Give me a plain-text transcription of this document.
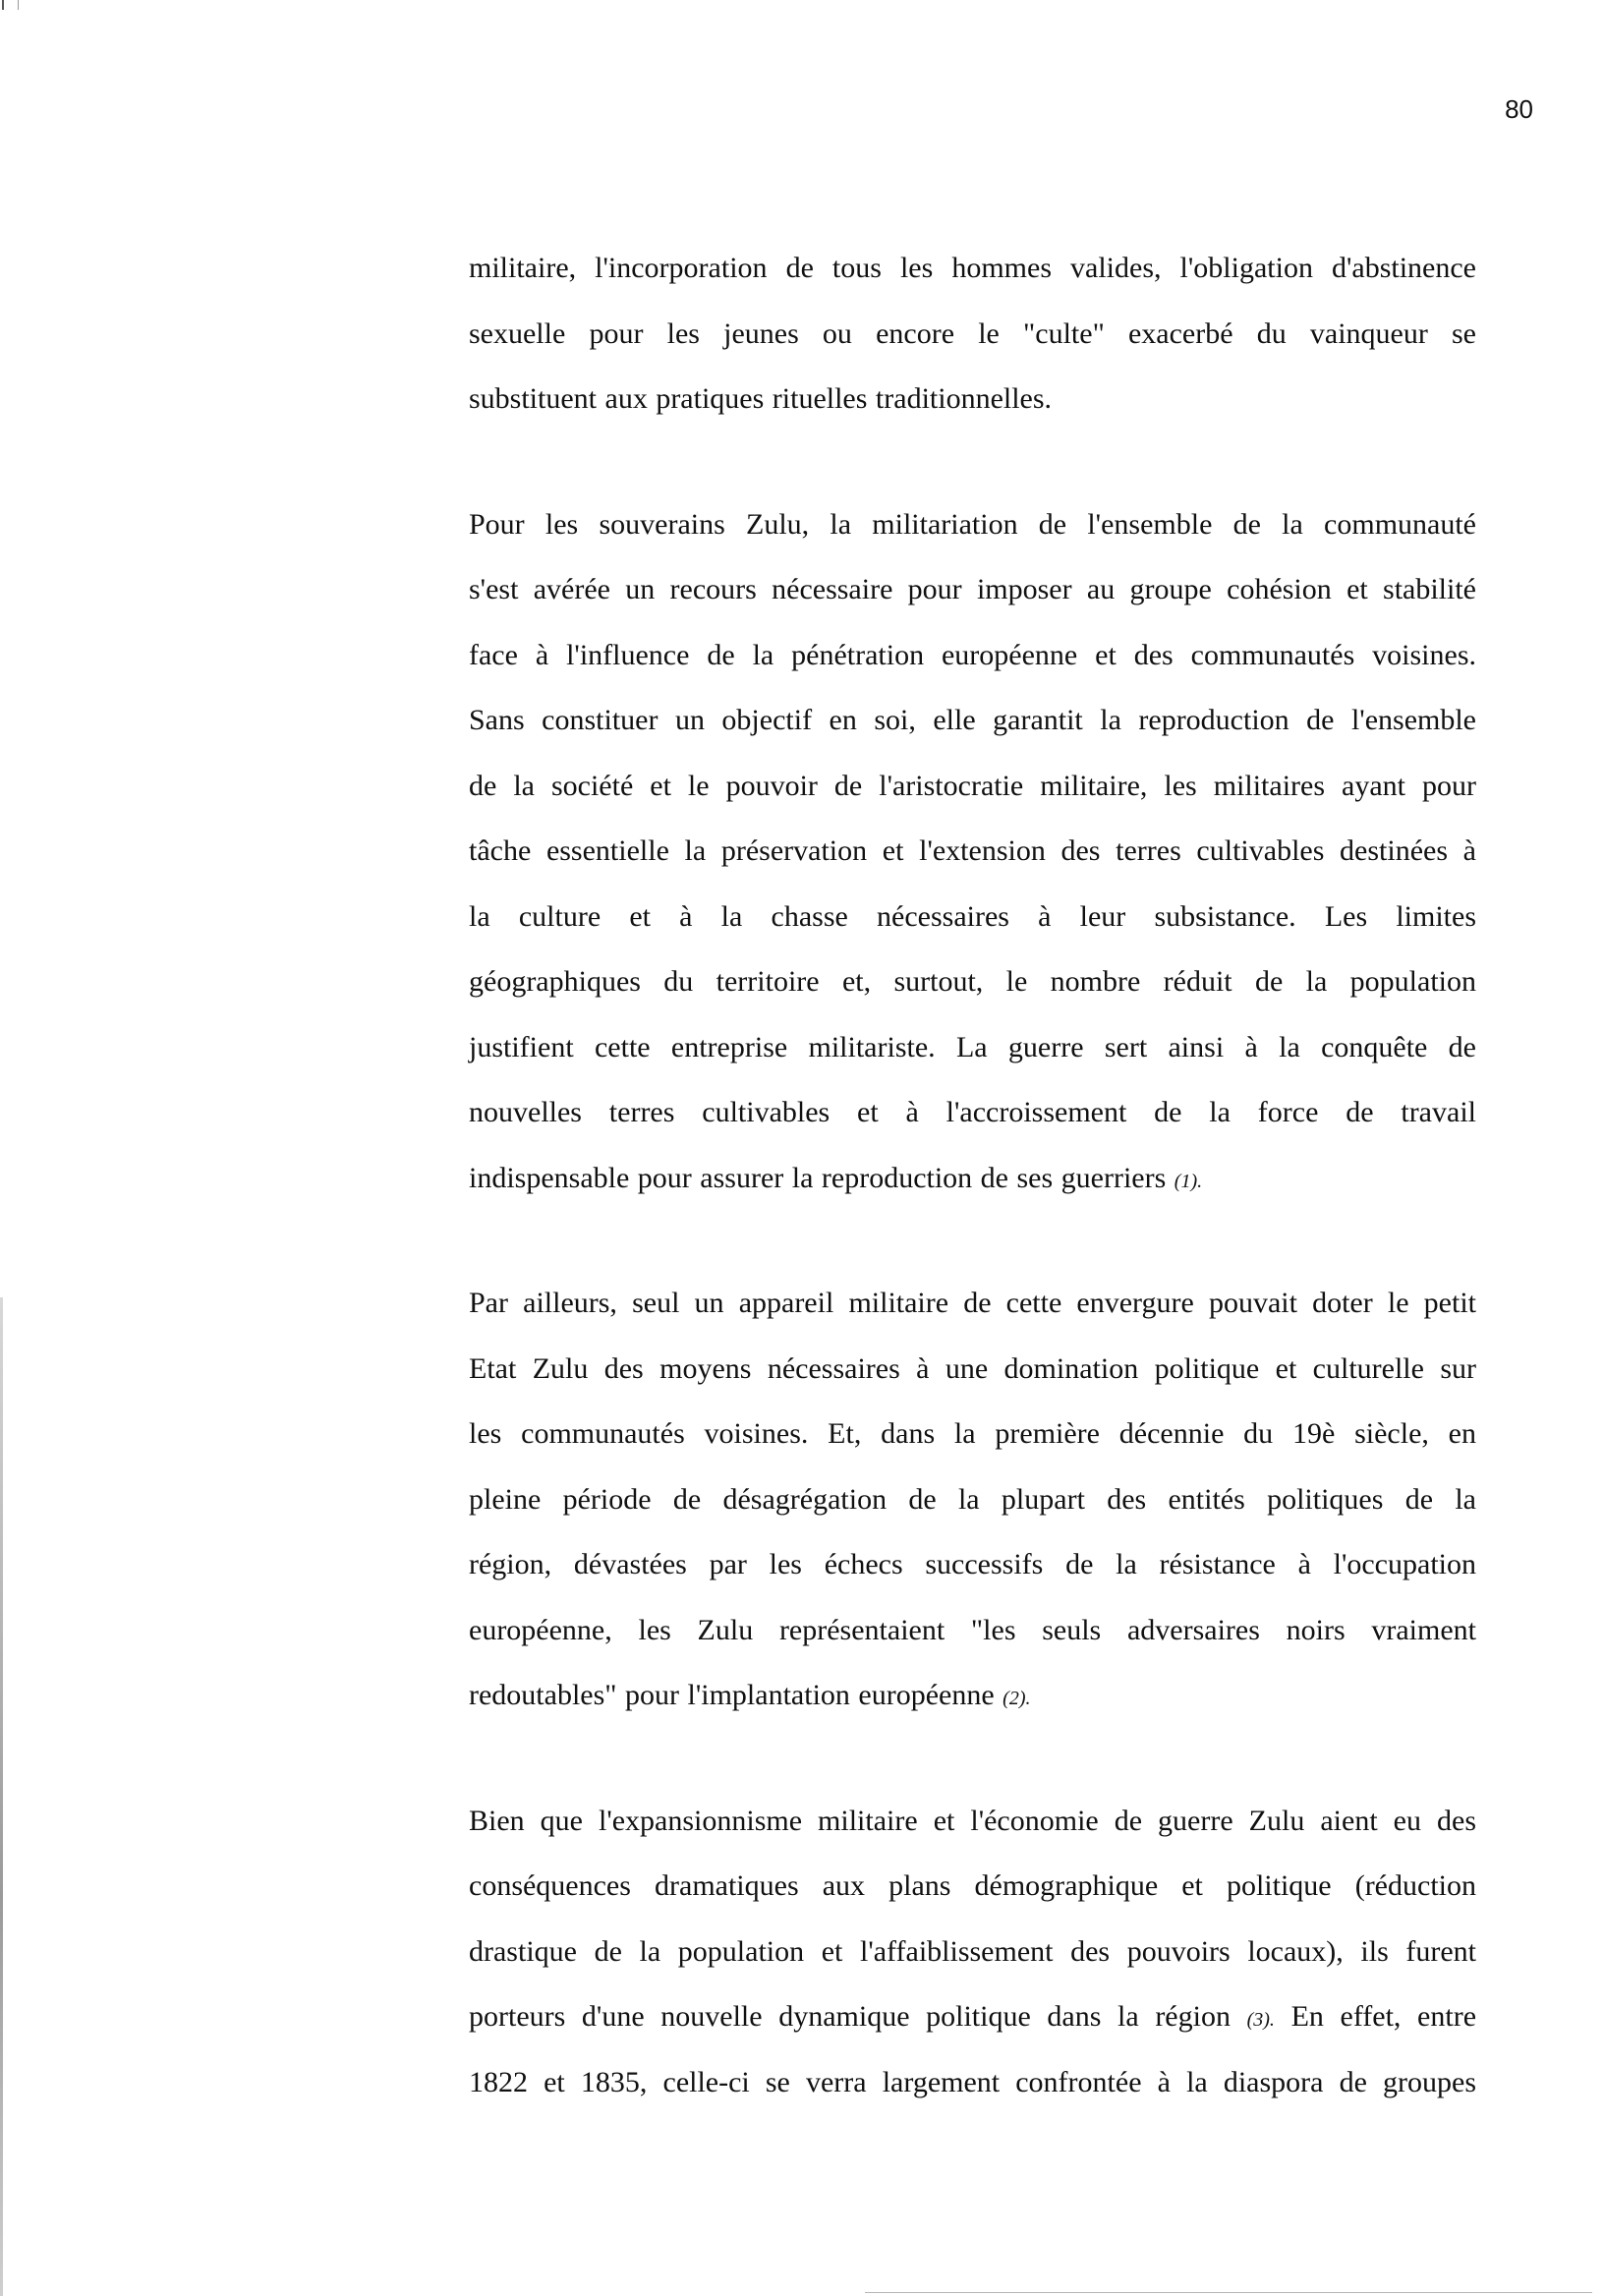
80

militaire, l'incorporation de tous les hommes valides, l'obligation d'abstinence
sexuelle pour les jeunes ou encore le "culte" exacerbé du vainqueur se
substituent aux pratiques rituelles traditionnelles.

Pour les souverains Zulu, la militariation de l'ensemble de la communauté
s'est avérée un recours nécessaire pour imposer au groupe cohésion et stabilité
face à l'influence de la pénétration européenne et des communautés voisines.
Sans constituer un objectif en soi, elle garantit la reproduction de l'ensemble
de la société et le pouvoir de l'aristocratie militaire, les militaires ayant pour
tâche essentielle la préservation et l'extension des terres cultivables destinées à
la culture et à la chasse nécessaires à leur subsistance. Les limites
géographiques du territoire et, surtout, le nombre réduit de la population
justifient cette entreprise militariste. La guerre sert ainsi à la conquête de
nouvelles terres cultivables et à l'accroissement de la force de travail
indispensable pour assurer la reproduction de ses guerriers (1).

Par ailleurs, seul un appareil militaire de cette envergure pouvait doter le petit
Etat Zulu des moyens nécessaires à une domination politique et culturelle sur
les communautés voisines. Et, dans la première décennie du 19è siècle, en
pleine période de désagrégation de la plupart des entités politiques de la
région, dévastées par les échecs successifs de la résistance à l'occupation
européenne, les Zulu représentaient "les seuls adversaires noirs vraiment
redoutables" pour l'implantation européenne (2).

Bien que l'expansionnisme militaire et l'économie de guerre Zulu aient eu des
conséquences dramatiques aux plans démographique et politique (réduction
drastique de la population et l'affaiblissement des pouvoirs locaux), ils furent
porteurs d'une nouvelle dynamique politique dans la région (3). En effet, entre
1822 et 1835, celle-ci se verra largement confrontée à la diaspora de groupes
